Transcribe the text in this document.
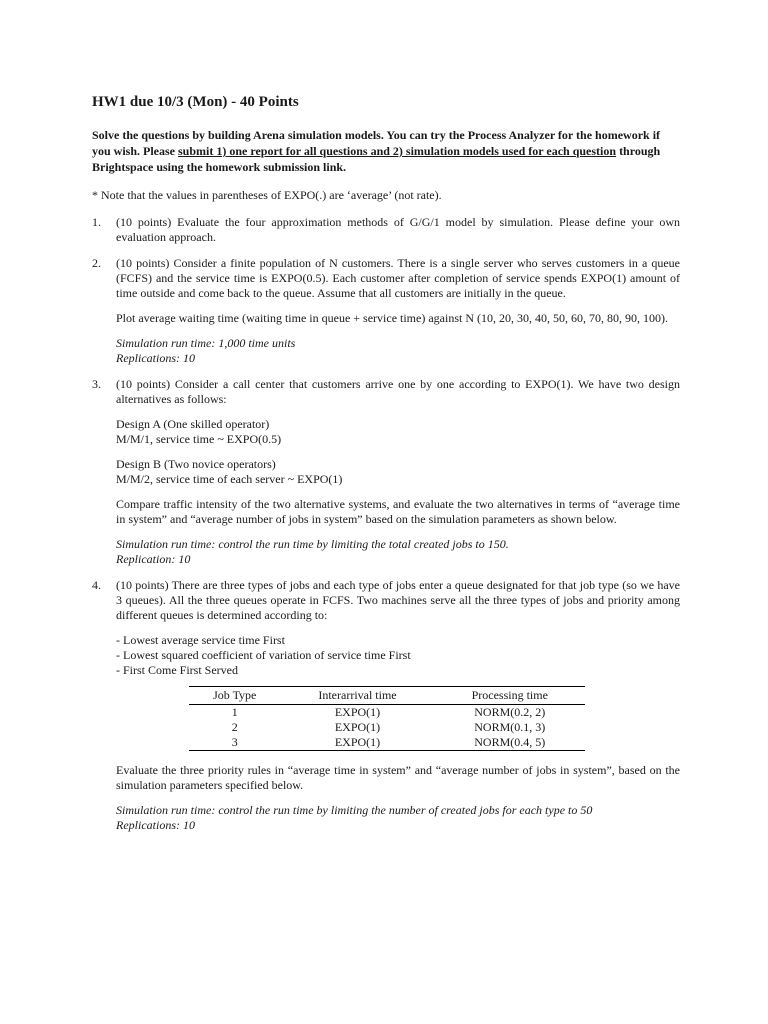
HW1 due 10/3 (Mon) - 40 Points
Solve the questions by building Arena simulation models. You can try the Process Analyzer for the homework if you wish. Please submit 1) one report for all questions and 2) simulation models used for each question through Brightspace using the homework submission link.
* Note that the values in parentheses of EXPO(.) are ‘average’ (not rate).
1.	(10 points) Evaluate the four approximation methods of G/G/1 model by simulation. Please define your own evaluation approach.
2.	(10 points) Consider a finite population of N customers. There is a single server who serves customers in a queue (FCFS) and the service time is EXPO(0.5). Each customer after completion of service spends EXPO(1) amount of time outside and come back to the queue. Assume that all customers are initially in the queue.
Plot average waiting time (waiting time in queue + service time) against N (10, 20, 30, 40, 50, 60, 70, 80, 90, 100).
Simulation run time: 1,000 time units
Replications: 10
3.	(10 points) Consider a call center that customers arrive one by one according to EXPO(1). We have two design alternatives as follows:
Design A (One skilled operator)
M/M/1, service time ~ EXPO(0.5)
Design B (Two novice operators)
M/M/2, service time of each server ~ EXPO(1)
Compare traffic intensity of the two alternative systems, and evaluate the two alternatives in terms of “average time in system” and “average number of jobs in system” based on the simulation parameters as shown below.
Simulation run time: control the run time by limiting the total created jobs to 150.
Replication: 10
4.	(10 points) There are three types of jobs and each type of jobs enter a queue designated for that job type (so we have 3 queues). All the three queues operate in FCFS. Two machines serve all the three types of jobs and priority among different queues is determined according to:
- Lowest average service time First
- Lowest squared coefficient of variation of service time First
- First Come First Served
Job Type	Interarrival time	Processing time
1	EXPO(1)	NORM(0.2, 2)
2	EXPO(1)	NORM(0.1, 3)
3	EXPO(1)	NORM(0.4, 5)
Evaluate the three priority rules in “average time in system” and “average number of jobs in system”, based on the simulation parameters specified below.
Simulation run time: control the run time by limiting the number of created jobs for each type to 50
Replications: 10
